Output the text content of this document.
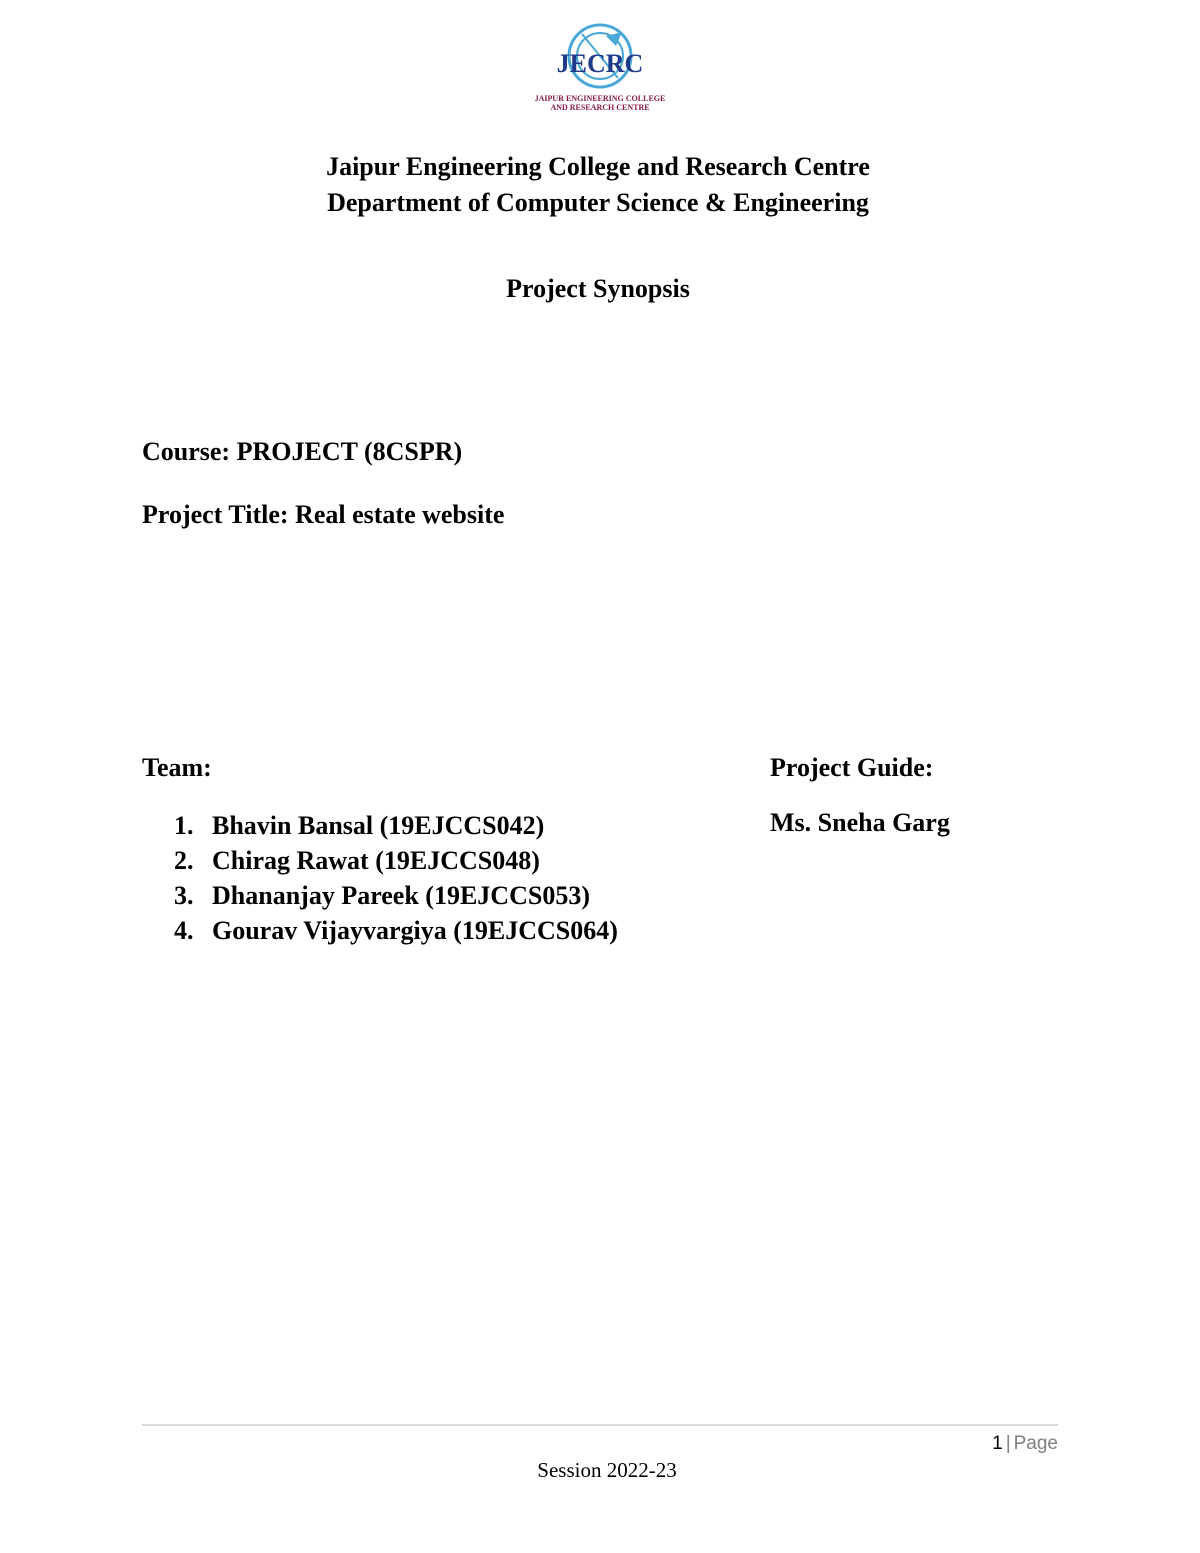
JECRC
JAIPUR ENGINEERING COLLEGE
AND RESEARCH CENTRE
Jaipur Engineering College and Research Centre
Department of Computer Science & Engineering
Project Synopsis
Course: PROJECT (8CSPR)
Project Title: Real estate website
Team:
1. Bhavin Bansal (19EJCCS042)
2. Chirag Rawat (19EJCCS048)
3. Dhananjay Pareek (19EJCCS053)
4. Gourav Vijayvargiya (19EJCCS064)
Project Guide:
Ms. Sneha Garg
1 | Page
Session 2022-23
